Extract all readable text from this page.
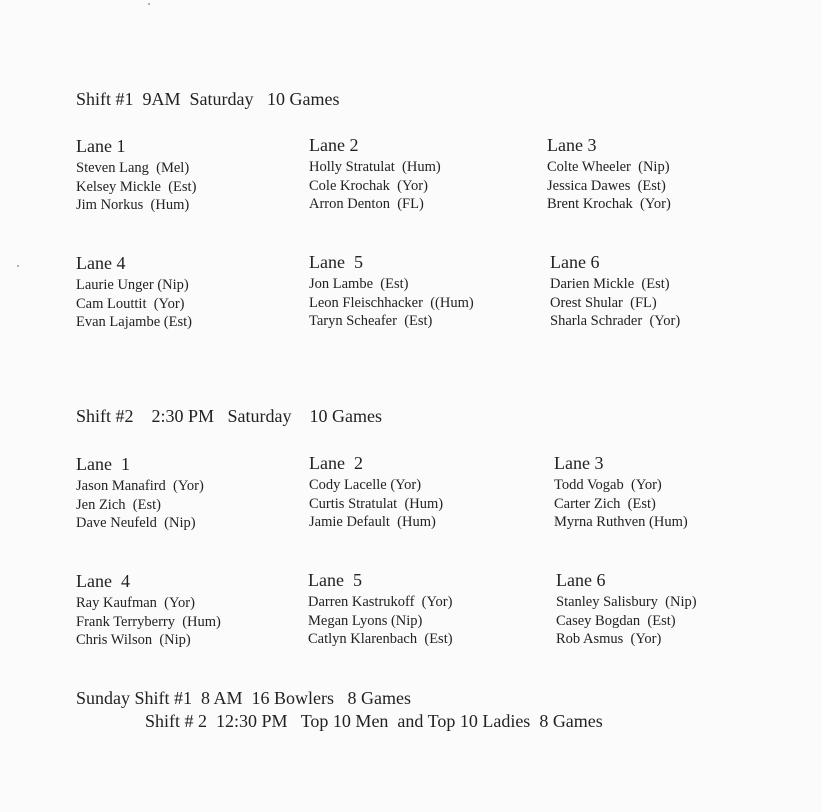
Shift #1  9AM  Saturday   10 Games
Lane 1
Steven Lang  (Mel)
Kelsey Mickle  (Est)
Jim Norkus  (Hum)
Lane 2
Holly Stratulat  (Hum)
Cole Krochak  (Yor)
Arron Denton  (FL)
Lane 3
Colte Wheeler  (Nip)
Jessica Dawes  (Est)
Brent Krochak  (Yor)
Lane 4
Laurie Unger (Nip)
Cam Louttit  (Yor)
Evan Lajambe (Est)
Lane  5
Jon Lambe  (Est)
Leon Fleischhacker  ((Hum)
Taryn Scheafer  (Est)
Lane 6
Darien Mickle  (Est)
Orest Shular  (FL)
Sharla Schrader  (Yor)
Shift #2    2:30 PM   Saturday    10 Games
Lane  1
Jason Manafird  (Yor)
Jen Zich  (Est)
Dave Neufeld  (Nip)
Lane  2
Cody Lacelle (Yor)
Curtis Stratulat  (Hum)
Jamie Default  (Hum)
Lane 3
Todd Vogab  (Yor)
Carter Zich  (Est)
Myrna Ruthven (Hum)
Lane  4
Ray Kaufman  (Yor)
Frank Terryberry  (Hum)
Chris Wilson  (Nip)
Lane  5
Darren Kastrukoff  (Yor)
Megan Lyons (Nip)
Catlyn Klarenbach  (Est)
Lane 6
Stanley Salisbury  (Nip)
Casey Bogdan  (Est)
Rob Asmus  (Yor)
Sunday Shift #1  8 AM  16 Bowlers   8 Games
Shift # 2  12:30 PM   Top 10 Men  and Top 10 Ladies  8 Games
